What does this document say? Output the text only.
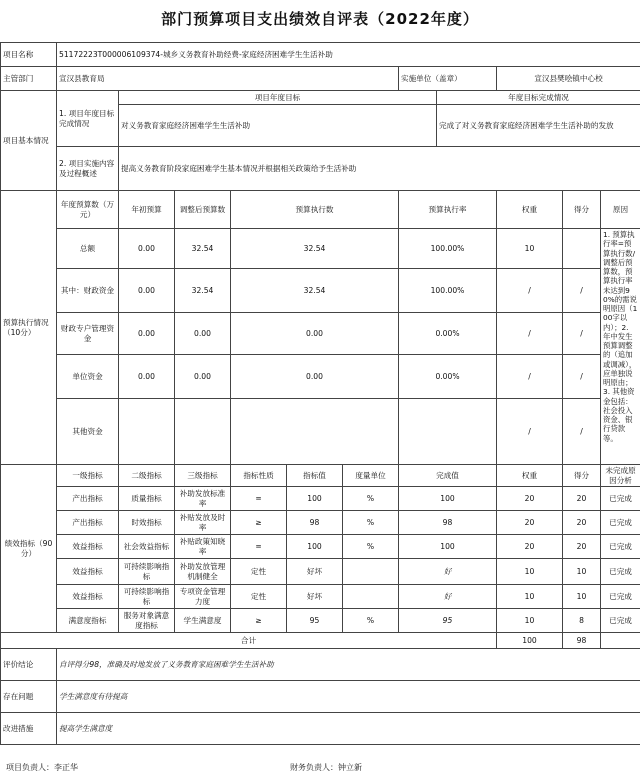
部门预算项目支出绩效自评表（2022年度）
项目名称	51172223T000006109374-城乡义务教育补助经费-家庭经济困难学生生活补助										
主管部门	宣汉县教育局						实施单位（盖章）		宣汉县樊哙镇中心校		
项目基本情况	1. 项目年度目标完成情况	项目年度目标						年度目标完成情况			
		对义务教育家庭经济困难学生生活补助						完成了对义务教育家庭经济困难学生生活补助的发放			
	2. 项目实施内容及过程概述	提高义务教育阶段家庭困难学生基本情况并根据相关政策给予生活补助									
预算执行情况（10分）	年度预算数（万元）	年初预算	调整后预算数	预算执行数			预算执行率		权重	得分	原因
	总额	0.00	32.54	32.54			100.00%		10		1. 预算执行率=预算执行数/调整后预算数，预算执行率未达到90%的需说明原因（100字以内）；2. 年中发生预算调整的（追加或调减），应单独说明原由；3. 其他资金包括：社会投入资金、银行贷款等。
	其中：财政资金	0.00	32.54	32.54			100.00%		/	/	
	财政专户管理资金	0.00	0.00	0.00			0.00%		/	/	
	单位资金	0.00	0.00	0.00			0.00%		/	/	
	其他资金								/	/	
绩效指标（90分）	一级指标	二级指标	三级指标	指标性质	指标值	度量单位	完成值		权重	得分	未完成原因分析
	产出指标	质量指标	补助发放标准率	═	100	%	100		20	20	已完成
	产出指标	时效指标	补贴发放及时率	≥	98	%	98		20	20	已完成
	效益指标	社会效益指标	补贴政策知晓率	═	100	%	100		20	20	已完成
	效益指标	可持续影响指标	补助发放管理机制健全	定性	好坏		好		10	10	已完成
	效益指标	可持续影响指标	专项资金管理力度	定性	好坏		好		10	10	已完成
	满意度指标	服务对象满意度指标	学生满意度	≥	95	%	95		10	8	已完成
合计									100	98	
评价结论	自评得分98，准确及时地发放了义务教育家庭困难学生生活补助										
存在问题	学生满意度有待提高										
改进措施	提高学生满意度										
项目负责人：李正华	财务负责人：钟立新
